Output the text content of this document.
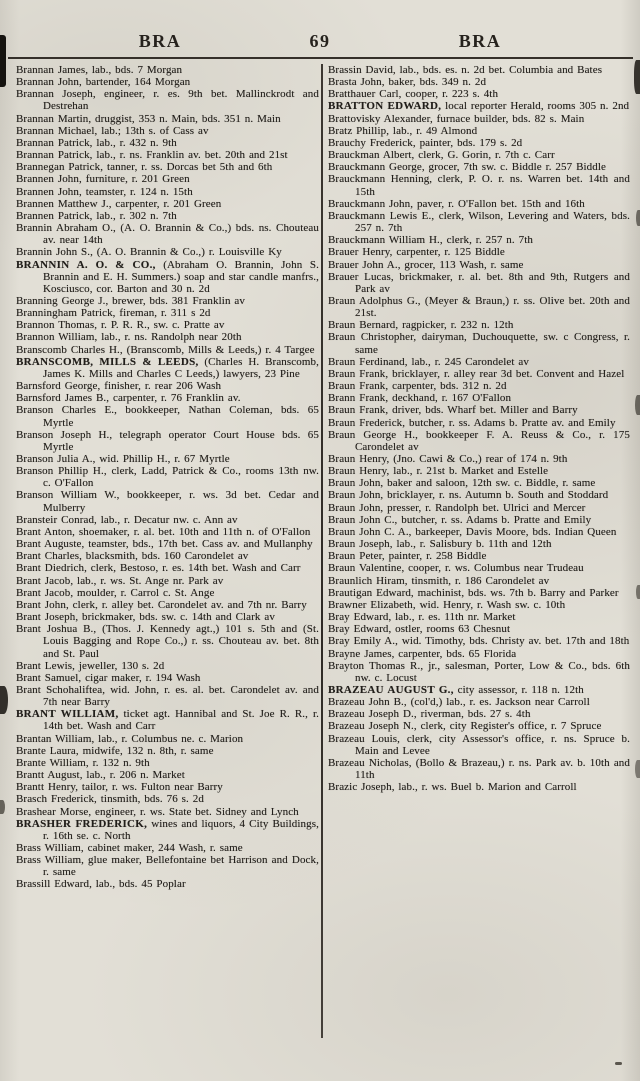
BRA	69	BRA
Brannan James, lab., bds. 7 Morgan
Brannan John, bartender, 164 Morgan
Brannan Joseph, engineer, r. es. 9th bet. Mallinckrodt and Destrehan
Brannan Martin, druggist, 353 n. Main, bds. 351 n. Main
Brannan Michael, lab.; 13th s. of Cass av
Brannan Patrick, lab., r. 432 n. 9th
Brannan Patrick, lab., r. ns. Franklin av. bet. 20th and 21st
Brannegan Patrick, tanner, r. ss. Dorcas bet 5th and 6th
Brannen John, furniture, r. 201 Green
Brannen John, teamster, r. 124 n. 15th
Brannen Matthew J., carpenter, r. 201 Green
Brannen Patrick, lab., r. 302 n. 7th
Brannin Abraham O., (A. O. Brannin & Co.,) bds. ns. Chouteau av. near 14th
Brannin John S., (A. O. Brannin & Co.,) r. Louisville Ky
BRANNIN A. O. & CO., (Abraham O. Brannin, John S. Brannin and E. H. Summers.) soap and star candle manfrs., Kosciusco, cor. Barton and 30 n. 2d
Branning George J., brewer, bds. 381 Franklin av
Branningham Patrick, fireman, r. 311 s 2d
Brannon Thomas, r. P. R. R., sw. c. Pratte av
Brannon William, lab., r. ns. Randolph near 20th
Branscomb Charles H., (Branscomb, Mills & Leeds,) r. 4 Targee
BRANSCOMB, MILLS & LEEDS, (Charles H. Branscomb, James K. Mills and Charles C Leeds,) lawyers, 23 Pine
Barnsford George, finisher, r. rear 206 Wash
Barnsford James B., carpenter, r. 76 Franklin av.
Branson Charles E., bookkeeper, Nathan Coleman, bds. 65 Myrtle
Branson Joseph H., telegraph operator Court House bds. 65 Myrtle
Branson Julia A., wid. Phillip H., r. 67 Myrtle
Branson Phillip H., clerk, Ladd, Patrick & Co., rooms 13th nw. c. O'Fallon
Branson William W., bookkeeper, r. ws. 3d bet. Cedar and Mulberry
Bransteir Conrad, lab., r. Decatur nw. c. Ann av
Brant Anton, shoemaker, r. al. bet. 10th and 11th n. of O'Fallon
Brant Auguste, teamster, bds., 17th bet. Cass av. and Mullanphy
Brant Charles, blacksmith, bds. 160 Carondelet av
Brant Diedrich, clerk, Bestoso, r. es. 14th bet. Wash and Carr
Brant Jacob, lab., r. ws. St. Ange nr. Park av
Brant Jacob, moulder, r. Carrol c. St. Ange
Brant John, clerk, r. alley bet. Carondelet av. and 7th nr. Barry
Brant Joseph, brickmaker, bds. sw. c. 14th and Clark av
Brant Joshua B., (Thos. J. Kennedy agt.,) 101 s. 5th and (St. Louis Bagging and Rope Co.,) r. ss. Chouteau av. bet. 8th and St. Paul
Brant Lewis, jeweller, 130 s. 2d
Brant Samuel, cigar maker, r. 194 Wash
Brant Schohaliftea, wid. John, r. es. al. bet. Carondelet av. and 7th near Barry
BRANT WILLIAM, ticket agt. Hannibal and St. Joe R. R., r. 14th bet. Wash and Carr
Brantan William, lab., r. Columbus ne. c. Marion
Brante Laura, midwife, 132 n. 8th, r. same
Brante William, r. 132 n. 9th
Brantt August, lab., r. 206 n. Market
Brantt Henry, tailor, r. ws. Fulton near Barry
Brasch Frederick, tinsmith, bds. 76 s. 2d
Brashear Morse, engineer, r. ws. State bet. Sidney and Lynch
BRASHER FREDERICK, wines and liquors, 4 City Buildings, r. 16th se. c. North
Brass William, cabinet maker, 244 Wash, r. same
Brass William, glue maker, Bellefontaine bet Harrison and Dock, r. same
Brassill Edward, lab., bds. 45 Poplar
Brassin David, lab., bds. es. n. 2d bet. Columbia and Bates
Brasta John, baker, bds. 349 n. 2d
Bratthauer Carl, cooper, r. 223 s. 4th
BRATTON EDWARD, local reporter Herald, rooms 305 n. 2nd
Brattovisky Alexander, furnace builder, bds. 82 s. Main
Bratz Phillip, lab., r. 49 Almond
Brauchy Frederick, painter, bds. 179 s. 2d
Brauckman Albert, clerk, G. Gorin, r. 7th c. Carr
Brauckmann George, grocer, 7th sw. c. Biddle r. 257 Biddle
Brauckmann Henning, clerk, P. O. r. ns. Warren bet. 14th and 15th
Brauckmann John, paver, r. O'Fallon bet. 15th and 16th
Brauckmann Lewis E., clerk, Wilson, Levering and Waters, bds. 257 n. 7th
Brauckmann William H., clerk, r. 257 n. 7th
Brauer Henry, carpenter, r. 125 Biddle
Brauer John A., grocer, 113 Wash, r. same
Brauer Lucas, brickmaker, r. al. bet. 8th and 9th, Rutgers and Park av
Braun Adolphus G., (Meyer & Braun,) r. ss. Olive bet. 20th and 21st.
Braun Bernard, ragpicker, r. 232 n. 12th
Braun Christopher, dairyman, Duchouquette, sw. c Congress, r. same
Braun Ferdinand, lab., r. 245 Carondelet av
Braun Frank, bricklayer, r. alley rear 3d bet. Convent and Hazel
Braun Frank, carpenter, bds. 312 n. 2d
Brann Frank, deckhand, r. 167 O'Fallon
Braun Frank, driver, bds. Wharf bet. Miller and Barry
Braun Frederick, butcher, r. ss. Adams b. Pratte av. and Emily
Braun George H., bookkeeper F. A. Reuss & Co., r. 175 Carondelet av
Braun Henry, (Jno. Cawi & Co.,) rear of 174 n. 9th
Braun Henry, lab., r. 21st b. Market and Estelle
Braun John, baker and saloon, 12th sw. c. Biddle, r. same
Braun John, bricklayer, r. ns. Autumn b. South and Stoddard
Braun John, presser, r. Randolph bet. Ulrici and Mercer
Braun John C., butcher, r. ss. Adams b. Pratte and Emily
Braun John C. A., barkeeper, Davis Moore, bds. Indian Queen
Braun Joseph, lab., r. Salisbury b. 11th and 12th
Braun Peter, painter, r. 258 Biddle
Braun Valentine, cooper, r. ws. Columbus near Trudeau
Braunlich Hiram, tinsmith, r. 186 Carondelet av
Brautigan Edward, machinist, bds. ws. 7th b. Barry and Parker
Brawner Elizabeth, wid. Henry, r. Wash sw. c. 10th
Bray Edward, lab., r. es. 11th nr. Market
Bray Edward, ostler, rooms 63 Chesnut
Bray Emily A., wid. Timothy, bds. Christy av. bet. 17th and 18th
Brayne James, carpenter, bds. 65 Florida
Brayton Thomas R., jr., salesman, Porter, Low & Co., bds. 6th nw. c. Locust
BRAZEAU AUGUST G., city assessor, r. 118 n. 12th
Brazeau John B., (col'd,) lab., r. es. Jackson near Carroll
Brazeau Joseph D., riverman, bds. 27 s. 4th
Brazeau Joseph N., clerk, city Register's office, r. 7 Spruce
Brazeau Louis, clerk, city Assessor's office, r. ns. Spruce b. Main and Levee
Brazeau Nicholas, (Bollo & Brazeau,) r. ns. Park av. b. 10th and 11th
Brazic Joseph, lab., r. ws. Buel b. Marion and Carroll
